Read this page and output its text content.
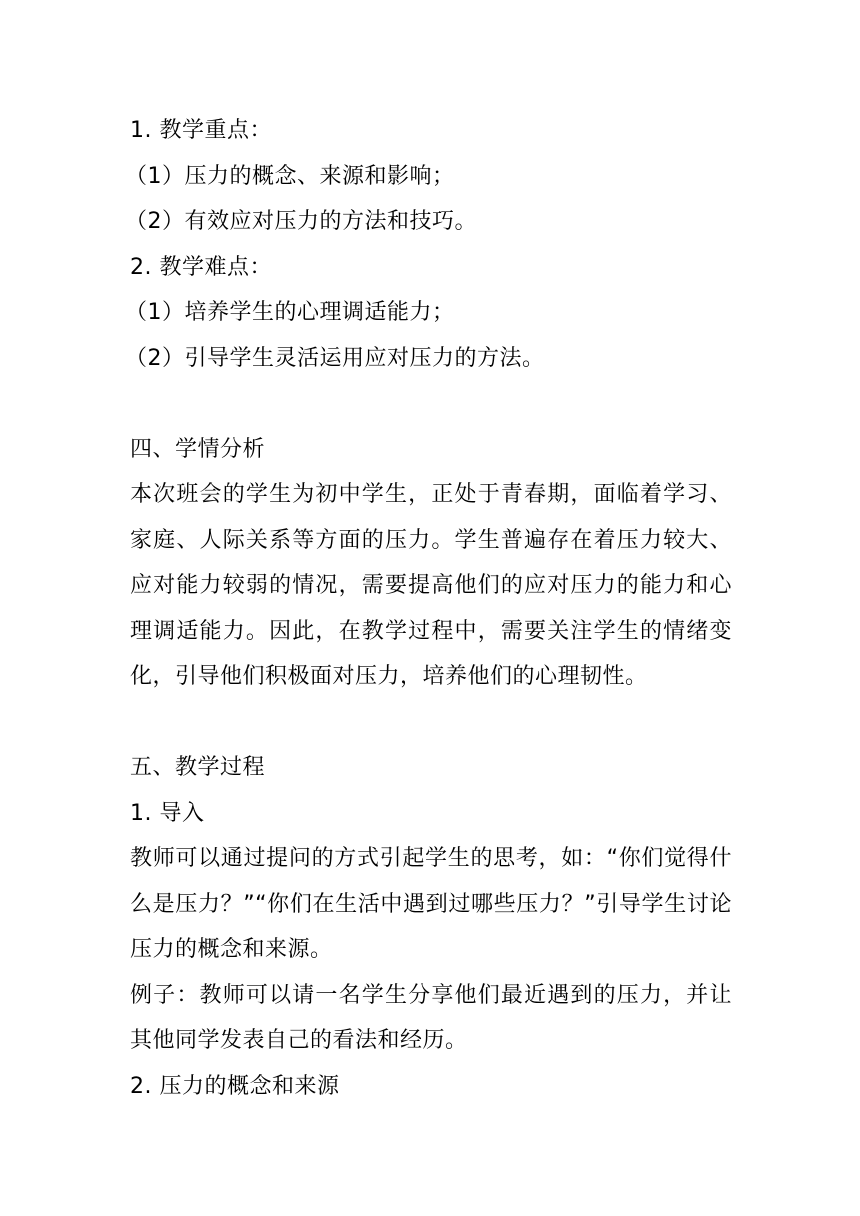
1. 教学重点：
（1）压力的概念、来源和影响；
（2）有效应对压力的方法和技巧。
2. 教学难点：
（1）培养学生的心理调适能力；
（2）引导学生灵活运用应对压力的方法。
四、学情分析
本次班会的学生为初中学生，正处于青春期，面临着学习、家庭、人际关系等方面的压力。学生普遍存在着压力较大、应对能力较弱的情况，需要提高他们的应对压力的能力和心理调适能力。因此，在教学过程中，需要关注学生的情绪变化，引导他们积极面对压力，培养他们的心理韧性。
五、教学过程
1. 导入
教师可以通过提问的方式引起学生的思考，如：“你们觉得什么是压力？”“你们在生活中遇到过哪些压力？”引导学生讨论压力的概念和来源。
例子：教师可以请一名学生分享他们最近遇到的压力，并让其他同学发表自己的看法和经历。
2. 压力的概念和来源
